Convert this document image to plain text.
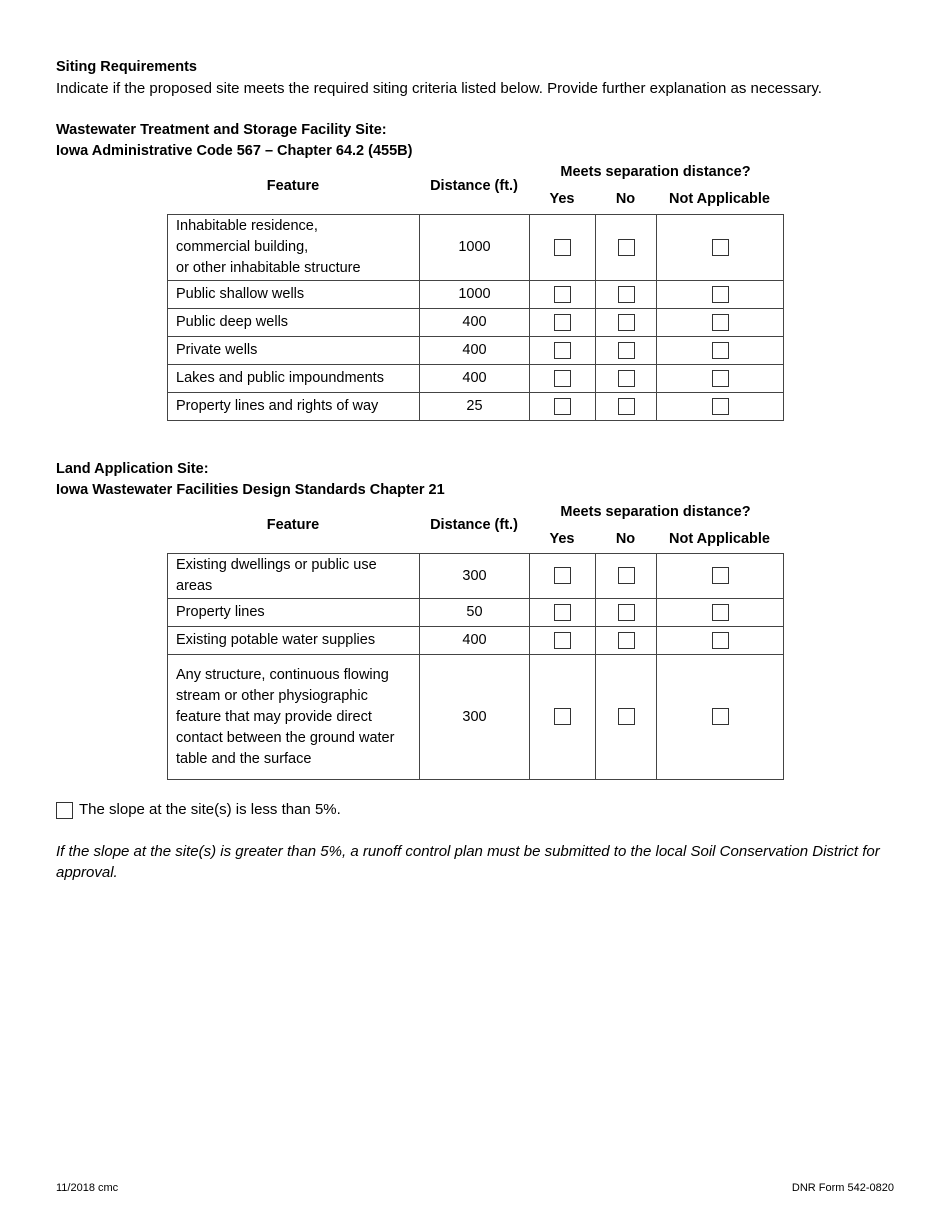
Siting Requirements
Indicate if the proposed site meets the required siting criteria listed below. Provide further explanation as necessary.
Wastewater Treatment and Storage Facility Site:
Iowa Administrative Code 567 – Chapter 64.2 (455B)
Meets separation distance?
Feature	Distance (ft.)
Yes	No	Not Applicable
Inhabitable residence,
commercial building,
or other inhabitable structure	1000			
Public shallow wells	1000			
Public deep wells	400			
Private wells	400			
Lakes and public impoundments	400			
Property lines and rights of way	25			
Land Application Site:
Iowa Wastewater Facilities Design Standards Chapter 21
Meets separation distance?
Feature	Distance (ft.)
Yes	No	Not Applicable
Existing dwellings or public use areas	300			
Property lines	50			
Existing potable water supplies	400			
Any structure, continuous flowing stream or other physiographic feature that may provide direct contact between the ground water table and the surface	300			
The slope at the site(s) is less than 5%.
If the slope at the site(s) is greater than 5%, a runoff control plan must be submitted to the local Soil Conservation District for approval.
11/2018 cmc	DNR Form 542-0820
